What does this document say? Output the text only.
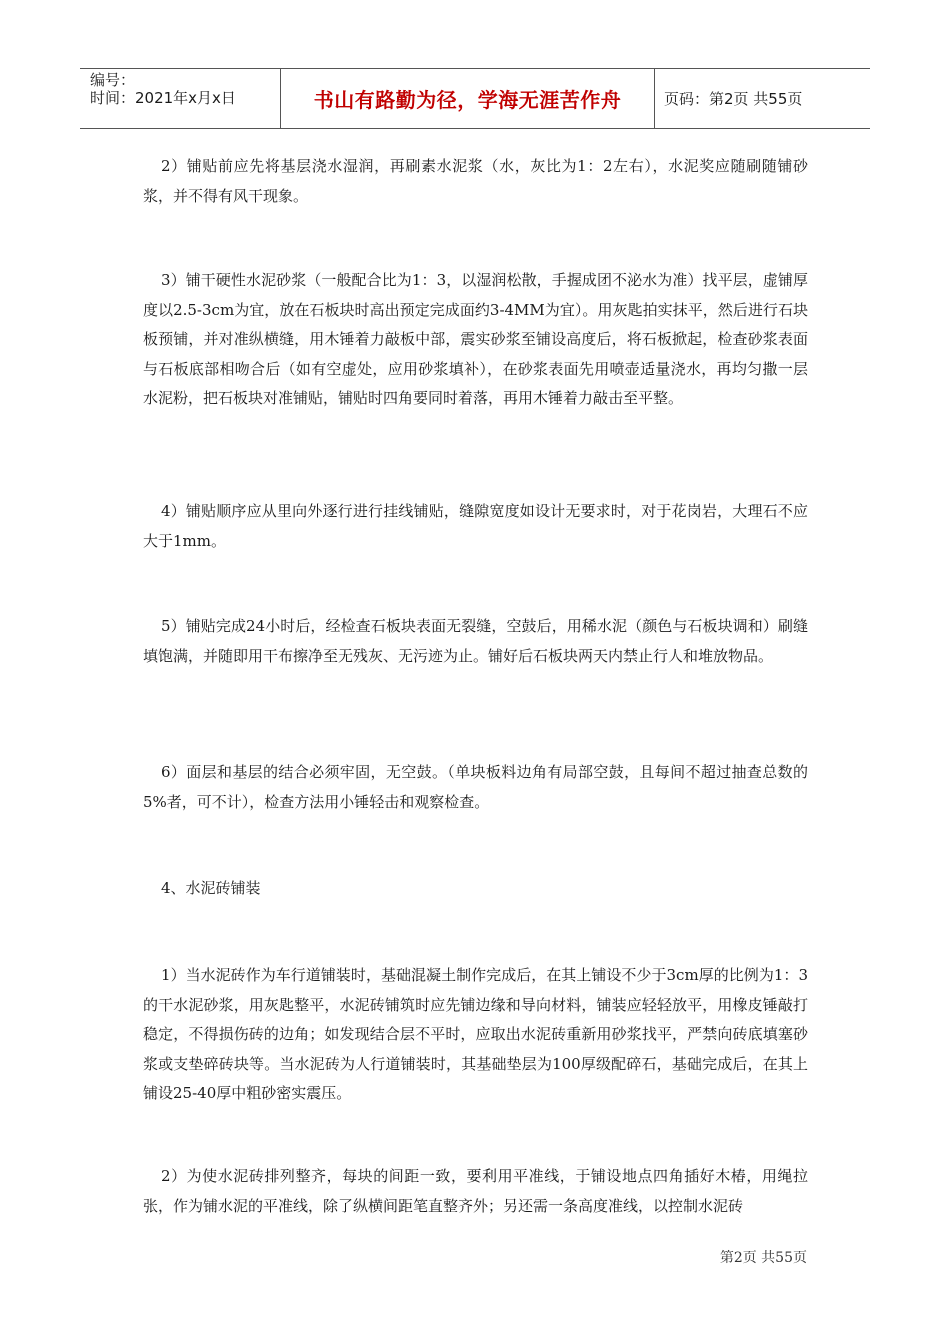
编号：
时间：2021年x月x日	书山有路勤为径，学海无涯苦作舟	页码：第2页 共55页

2）铺贴前应先将基层浇水湿润，再刷素水泥浆（水，灰比为1：2左右），水泥奖应随刷随铺砂浆，并不得有风干现象。

3）铺干硬性水泥砂浆（一般配合比为1：3，以湿润松散，手握成团不泌水为准）找平层，虚铺厚度以2.5-3cm为宜，放在石板块时高出预定完成面约3-4MM为宜）。用灰匙拍实抹平，然后进行石块板预铺，并对准纵横缝，用木锤着力敲板中部，震实砂浆至铺设高度后，将石板掀起，检查砂浆表面与石板底部相吻合后（如有空虚处，应用砂浆填补），在砂浆表面先用喷壶适量浇水，再均匀撒一层水泥粉，把石板块对准铺贴，铺贴时四角要同时着落，再用木锤着力敲击至平整。

4）铺贴顺序应从里向外逐行进行挂线铺贴，缝隙宽度如设计无要求时，对于花岗岩，大理石不应大于1mm。

5）铺贴完成24小时后，经检查石板块表面无裂缝，空鼓后，用稀水泥（颜色与石板块调和）刷缝填饱满，并随即用干布擦净至无残灰、无污迹为止。铺好后石板块两天内禁止行人和堆放物品。

6）面层和基层的结合必须牢固，无空鼓。（单块板料边角有局部空鼓，且每间不超过抽查总数的5%者，可不计），检查方法用小锤轻击和观察检查。

4、水泥砖铺装

1）当水泥砖作为车行道铺装时，基础混凝土制作完成后，在其上铺设不少于3cm厚的比例为1：3的干水泥砂浆，用灰匙整平，水泥砖铺筑时应先铺边缘和导向材料，铺装应轻轻放平，用橡皮锤敲打稳定，不得损伤砖的边角；如发现结合层不平时，应取出水泥砖重新用砂浆找平，严禁向砖底填塞砂浆或支垫碎砖块等。当水泥砖为人行道铺装时，其基础垫层为100厚级配碎石，基础完成后，在其上铺设25-40厚中粗砂密实震压。

2）为使水泥砖排列整齐，每块的间距一致，要利用平准线，于铺设地点四角插好木椿，用绳拉张，作为铺水泥的平准线，除了纵横间距笔直整齐外；另还需一条高度准线，以控制水泥砖

第2页 共55页
